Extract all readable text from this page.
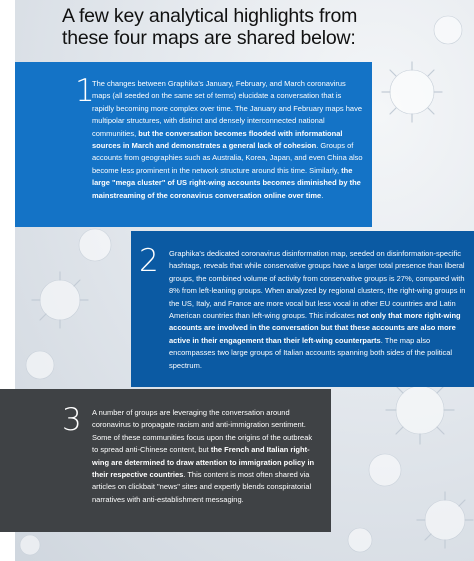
A few key analytical highlights from
these four maps are shared below:
1

The changes between Graphika's January, February, and March coronavirus maps (all seeded on the same set of terms) elucidate a conversation that is rapidly becoming more complex over time. The January and February maps have multipolar structures, with distinct and densely interconnected national communities, but the conversation becomes flooded with informational sources in March and demonstrates a general lack of cohesion. Groups of accounts from geographies such as Australia, Korea, Japan, and even China also become less prominent in the network structure around this time. Similarly, the large "mega cluster" of US right-wing accounts becomes diminished by the mainstreaming of the coronavirus conversation online over time.

2 Graphika's dedicated coronavirus disinformation map, seeded on disinformation-specific hashtags, reveals that while conservative groups have a larger total presence than liberal groups, the combined volume of activity from conservative groups is 27%, compared with 8% from left-leaning groups. When analyzed by regional clusters, the right-wing groups in the US, Italy, and France are more vocal but less vocal in other EU countries and Latin American countries than left-wing groups. This indicates not only that more right-wing accounts are involved in the conversation but that these accounts are also more active in their engagement than their left-wing counterparts. The map also encompasses two large groups of Italian accounts spanning both sides of the political spectrum.

3 A number of groups are leveraging the conversation around coronavirus to propagate racism and anti-immigration sentiment. Some of these communities focus upon the origins of the outbreak to spread anti-Chinese content, but the French and Italian right-wing are determined to draw attention to immigration policy in their respective countries. This content is most often shared via articles on clickbait "news" sites and expertly blends conspiratorial narratives with anti-establishment messaging.
